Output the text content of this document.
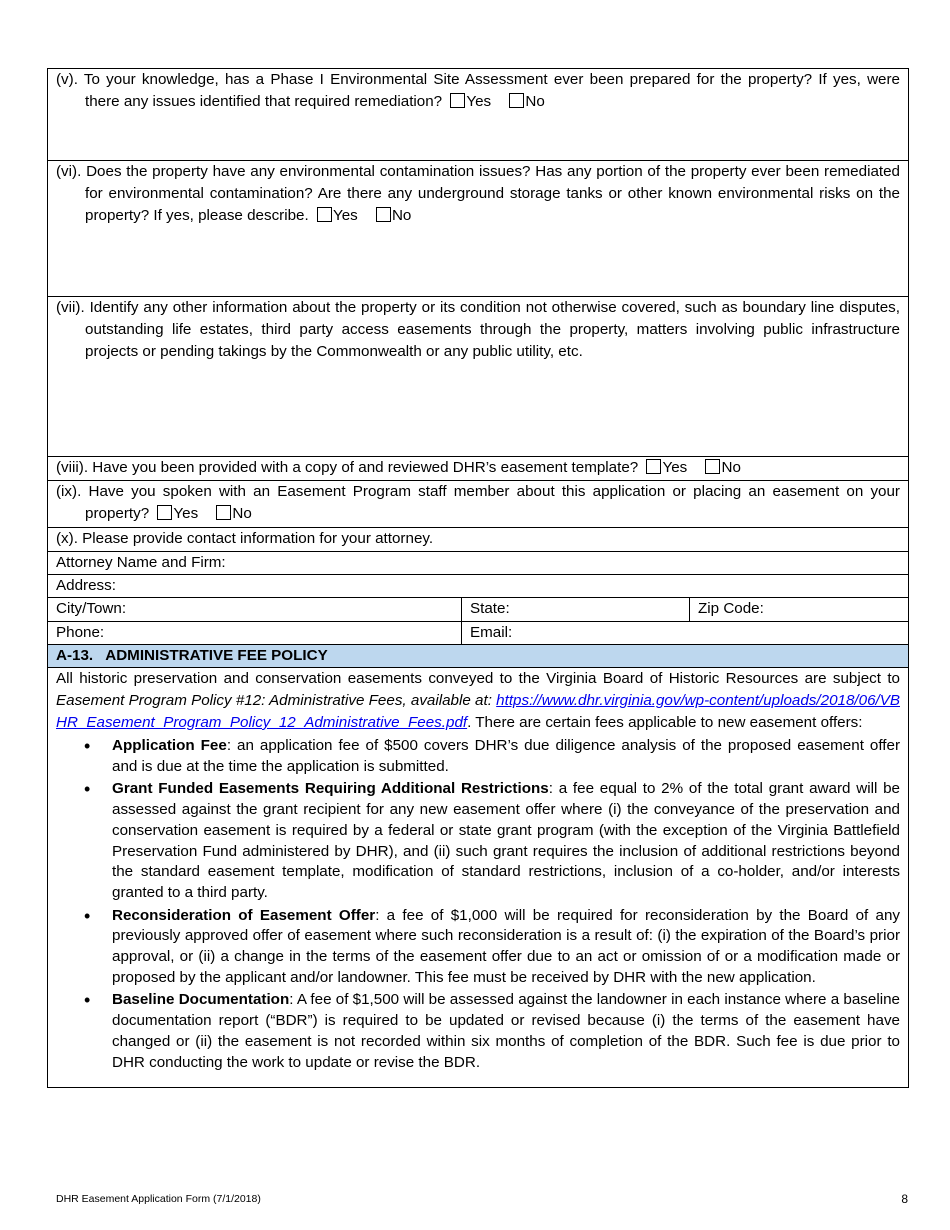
(v). To your knowledge, has a Phase I Environmental Site Assessment ever been prepared for the property? If yes, were there any issues identified that required remediation? Yes No
(vi). Does the property have any environmental contamination issues? Has any portion of the property ever been remediated for environmental contamination? Are there any underground storage tanks or other known environmental risks on the property? If yes, please describe. Yes No
(vii). Identify any other information about the property or its condition not otherwise covered, such as boundary line disputes, outstanding life estates, third party access easements through the property, matters involving public infrastructure projects or pending takings by the Commonwealth or any public utility, etc.
(viii). Have you been provided with a copy of and reviewed DHR’s easement template? Yes No
(ix). Have you spoken with an Easement Program staff member about this application or placing an easement on your property? Yes No
(x). Please provide contact information for your attorney.
Attorney Name and Firm:
Address:
City/Town:	State:	Zip Code:
Phone:	Email:
A-13.   ADMINISTRATIVE FEE POLICY
All historic preservation and conservation easements conveyed to the Virginia Board of Historic Resources are subject to Easement Program Policy #12: Administrative Fees, available at: https://www.dhr.virginia.gov/wp-content/uploads/2018/06/VBHR_Easement_Program_Policy_12_Administrative_Fees.pdf. There are certain fees applicable to new easement offers:
• Application Fee: an application fee of $500 covers DHR’s due diligence analysis of the proposed easement offer and is due at the time the application is submitted.
• Grant Funded Easements Requiring Additional Restrictions: a fee equal to 2% of the total grant award will be assessed against the grant recipient for any new easement offer where (i) the conveyance of the preservation and conservation easement is required by a federal or state grant program (with the exception of the Virginia Battlefield Preservation Fund administered by DHR), and (ii) such grant requires the inclusion of additional restrictions beyond the standard easement template, modification of standard restrictions, inclusion of a co-holder, and/or interests granted to a third party.
• Reconsideration of Easement Offer: a fee of $1,000 will be required for reconsideration by the Board of any previously approved offer of easement where such reconsideration is a result of: (i) the expiration of the Board’s prior approval, or (ii) a change in the terms of the easement offer due to an act or omission of or a modification made or proposed by the applicant and/or landowner. This fee must be received by DHR with the new application.
• Baseline Documentation: A fee of $1,500 will be assessed against the landowner in each instance where a baseline documentation report (“BDR”) is required to be updated or revised because (i) the terms of the easement have changed or (ii) the easement is not recorded within six months of completion of the BDR. Such fee is due prior to DHR conducting the work to update or revise the BDR.
DHR Easement Application Form (7/1/2018)	8
